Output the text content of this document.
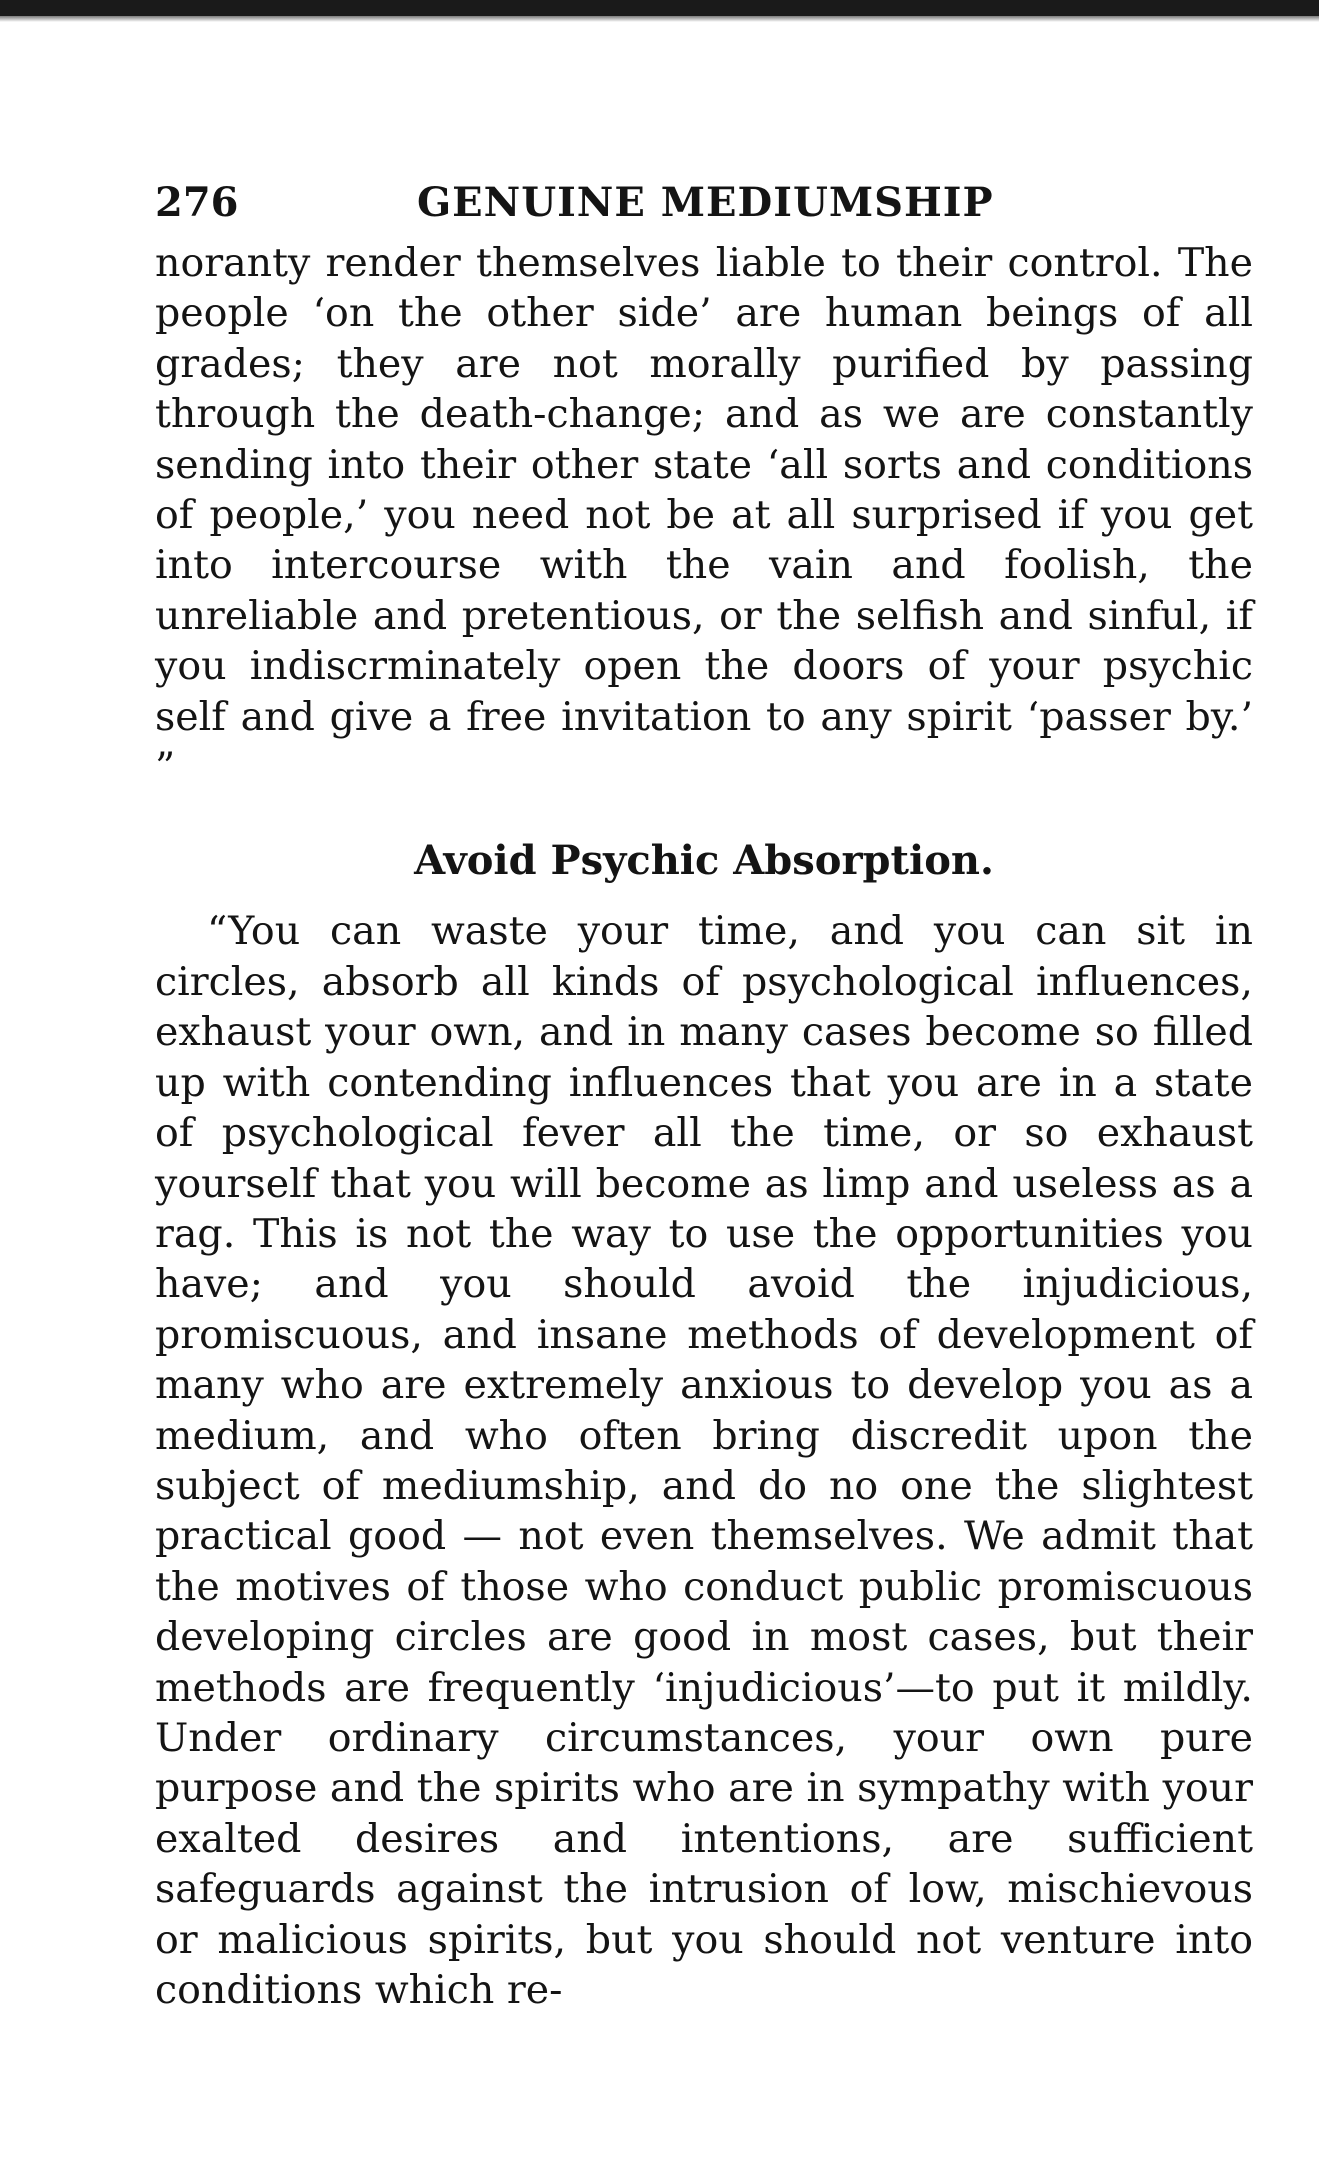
276	GENUINE MEDIUMSHIP

noranty render themselves liable to their control. The people ‘on the other side’ are human beings of all grades; they are not morally purified by passing through the death-change; and as we are constantly sending into their other state ‘all sorts and conditions of people,’ you need not be at all surprised if you get into intercourse with the vain and foolish, the unreliable and pretentious, or the selfish and sinful, if you indiscrminately open the doors of your psychic self and give a free invitation to any spirit ‘passer by.’ ”

Avoid Psychic Absorption.

“You can waste your time, and you can sit in circles, absorb all kinds of psychological influences, exhaust your own, and in many cases become so filled up with contending influences that you are in a state of psychological fever all the time, or so exhaust yourself that you will become as limp and useless as a rag. This is not the way to use the opportunities you have; and you should avoid the injudicious, promiscuous, and insane methods of development of many who are extremely anxious to develop you as a medium, and who often bring discredit upon the subject of mediumship, and do no one the slightest practical good — not even themselves. We admit that the motives of those who conduct public promiscuous developing circles are good in most cases, but their methods are frequently ‘injudicious’—to put it mildly. Under ordinary circumstances, your own pure purpose and the spirits who are in sympathy with your exalted desires and intentions, are sufficient safeguards against the intrusion of low, mischievous or malicious spirits, but you should not venture into conditions which re-
